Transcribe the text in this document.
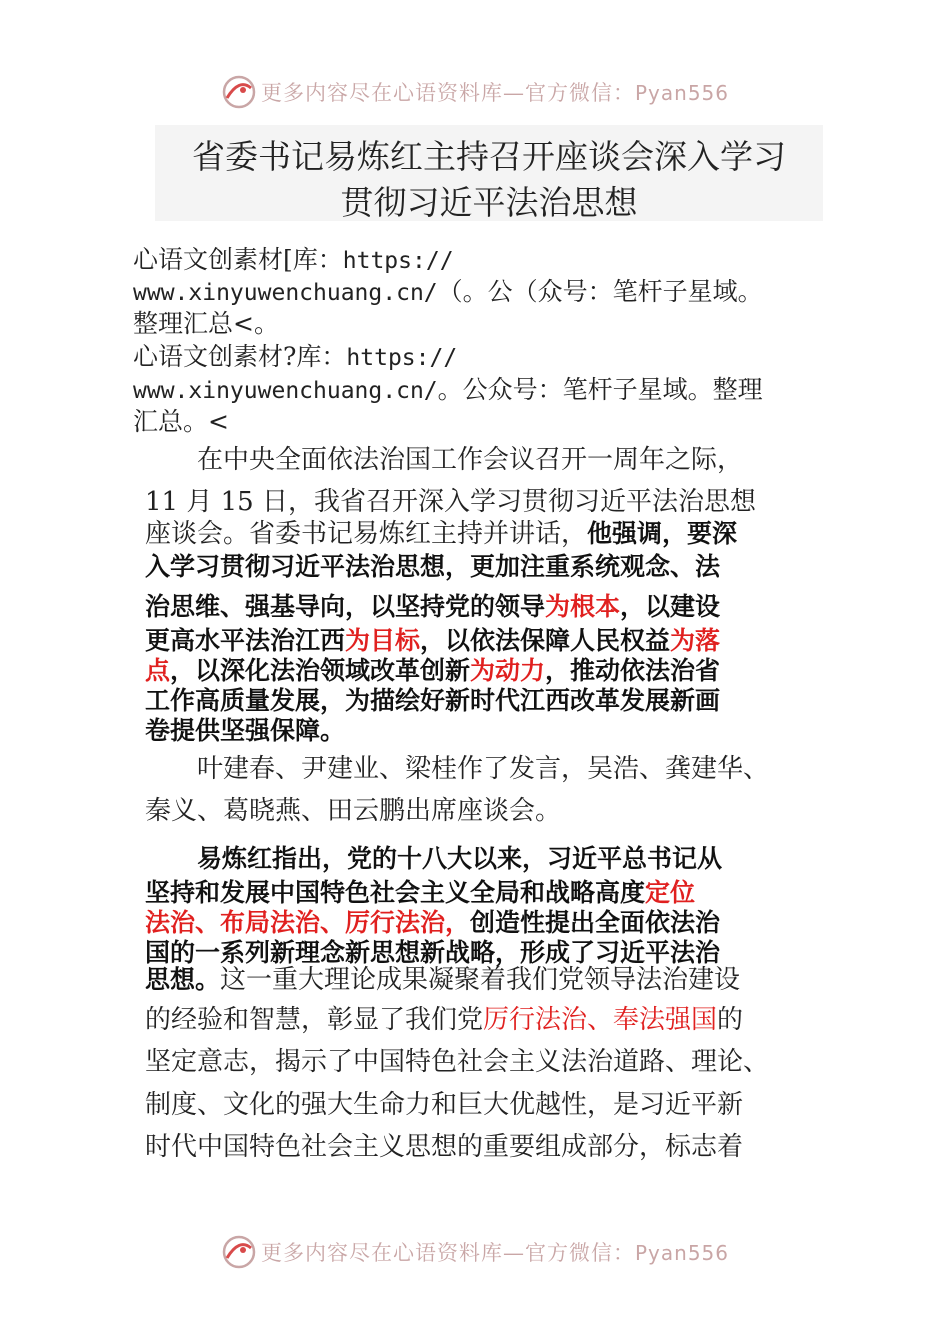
更多内容尽在心语资料库—官方微信：Pyan556
省委书记易炼红主持召开座谈会深入学习
贯彻习近平法治思想
心语文创素材[库：https://
www.xinyuwenchuang.cn/（。公（众号：笔杆子星域。
整理汇总<。
心语文创素材?库：https://
www.xinyuwenchuang.cn/。公众号：笔杆子星域。整理
汇总。<
在中央全面依法治国工作会议召开一周年之际，
11 月 15 日，我省召开深入学习贯彻习近平法治思想
座谈会。省委书记易炼红主持并讲话，他强调，要深
入学习贯彻习近平法治思想，更加注重系统观念、法
治思维、强基导向，以坚持党的领导为根本，以建设
更高水平法治江西为目标，以依法保障人民权益为落
点，以深化法治领域改革创新为动力，推动依法治省
工作高质量发展，为描绘好新时代江西改革发展新画
卷提供坚强保障。
叶建春、尹建业、梁桂作了发言，吴浩、龚建华、
秦义、葛晓燕、田云鹏出席座谈会。
易炼红指出，党的十八大以来，习近平总书记从
坚持和发展中国特色社会主义全局和战略高度定位
法治、布局法治、厉行法治，创造性提出全面依法治
国的一系列新理念新思想新战略，形成了习近平法治
思想。这一重大理论成果凝聚着我们党领导法治建设
的经验和智慧，彰显了我们党厉行法治、奉法强国的
坚定意志，揭示了中国特色社会主义法治道路、理论、
制度、文化的强大生命力和巨大优越性，是习近平新
时代中国特色社会主义思想的重要组成部分，标志着
更多内容尽在心语资料库—官方微信：Pyan556
